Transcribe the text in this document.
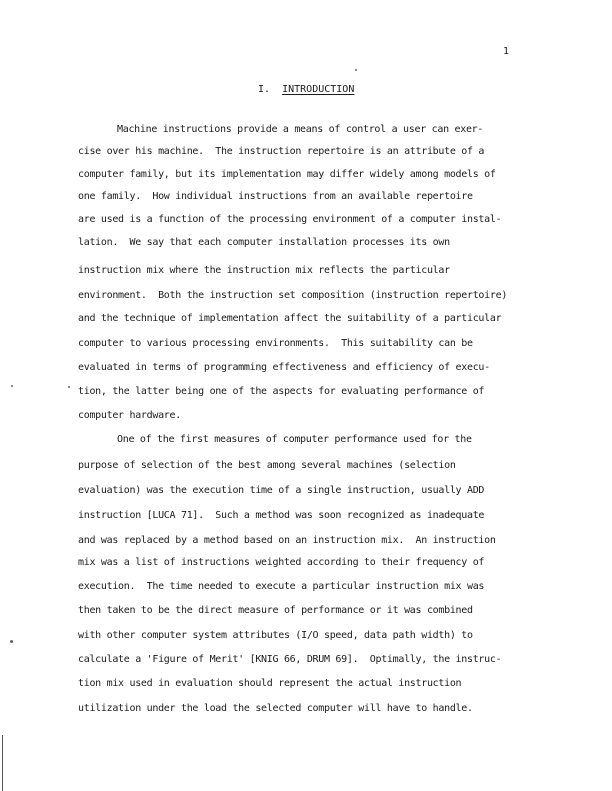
1
I. INTRODUCTION
Machine instructions provide a means of control a user can exer-
cise over his machine.  The instruction repertoire is an attribute of a
computer family, but its implementation may differ widely among models of
one family.  How individual instructions from an available repertoire
are used is a function of the processing environment of a computer instal-
lation.  We say that each computer installation processes its own
instruction mix where the instruction mix reflects the particular
environment.  Both the instruction set composition (instruction repertoire)
and the technique of implementation affect the suitability of a particular
computer to various processing environments.  This suitability can be
evaluated in terms of programming effectiveness and efficiency of execu-
tion, the latter being one of the aspects for evaluating performance of
computer hardware.
One of the first measures of computer performance used for the
purpose of selection of the best among several machines (selection
evaluation) was the execution time of a single instruction, usually ADD
instruction [LUCA 71].  Such a method was soon recognized as inadequate
and was replaced by a method based on an instruction mix.  An instruction
mix was a list of instructions weighted according to their frequency of
execution.  The time needed to execute a particular instruction mix was
then taken to be the direct measure of performance or it was combined
with other computer system attributes (I/O speed, data path width) to
calculate a 'Figure of Merit' [KNIG 66, DRUM 69].  Optimally, the instruc-
tion mix used in evaluation should represent the actual instruction
utilization under the load the selected computer will have to handle.
